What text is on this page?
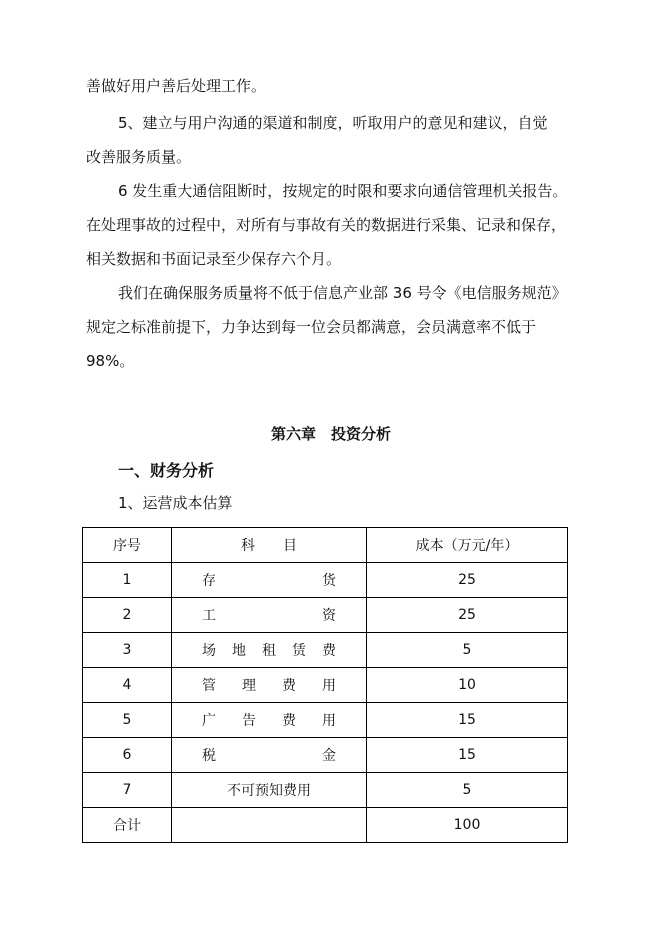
善做好用户善后处理工作。
5、建立与用户沟通的渠道和制度，听取用户的意见和建议，自觉
改善服务质量。
6 发生重大通信阻断时，按规定的时限和要求向通信管理机关报告。
在处理事故的过程中，对所有与事故有关的数据进行采集、记录和保存，
相关数据和书面记录至少保存六个月。
我们在确保服务质量将不低于信息产业部 36 号令《电信服务规范》
规定之标准前提下，力争达到每一位会员都满意，会员满意率不低于
98%。
第六章　投资分析
一、财务分析
1、运营成本估算
序号	科　　目	成本（万元/年）
1	存货	25
2	工资	25
3	场地租赁费	5
4	管理费用	10
5	广告费用	15
6	税金	15
7	不可预知费用	5
合计		100
